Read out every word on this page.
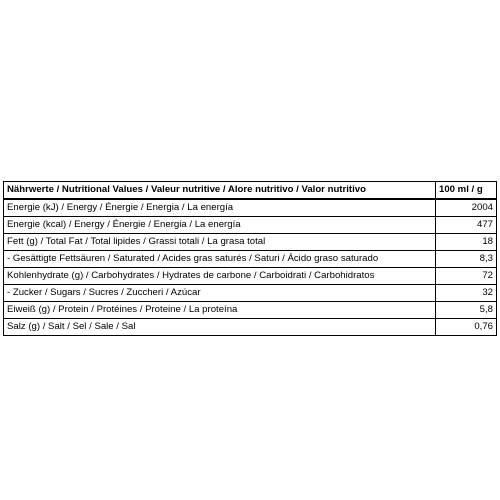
Nährwerte / Nutritional Values / Valeur nutritive / Alore nutritivo / Valor nutritivo	100 ml / g
Energie (kJ) / Energy / Énergie / Energia / La energía	2004
Energie (kcal) / Energy / Énergie / Energia / La energía	477
Fett (g) / Total Fat / Total lipides / Grassi totali / La grasa total	18
- Gesättigte Fettsäuren / Saturated / Acides gras saturés / Saturi / Ácido graso saturado	8,3
Kohlenhydrate (g) / Carbohydrates / Hydrates de carbone / Carboidrati / Carbohidratos	72
- Zucker / Sugars / Sucres / Zuccheri / Azúcar	32
Eiweiß (g) / Protein / Protéines / Proteine / La proteína	5,8
Salz (g) / Salt / Sel / Sale / Sal	0,76
